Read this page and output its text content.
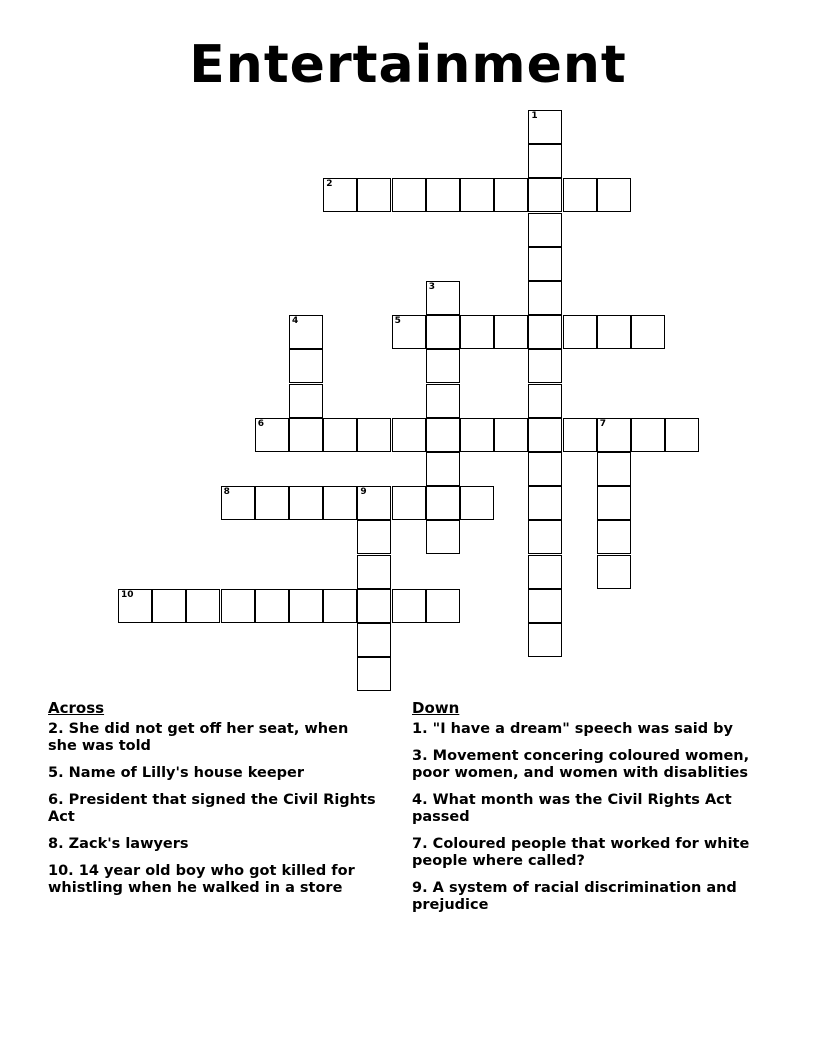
Entertainment
1
2
3
4	5
6	7
8	9
10
Across
2. She did not get off her seat, when she was told
5. Name of Lilly's house keeper
6. President that signed the Civil Rights Act
8. Zack's lawyers
10. 14 year old boy who got killed for whistling when he walked in a store
Down
1. "I have a dream" speech was said by
3. Movement concering coloured women, poor women, and women with disablities
4. What month was the Civil Rights Act passed
7. Coloured people that worked for white people where called?
9. A system of racial discrimination and prejudice
